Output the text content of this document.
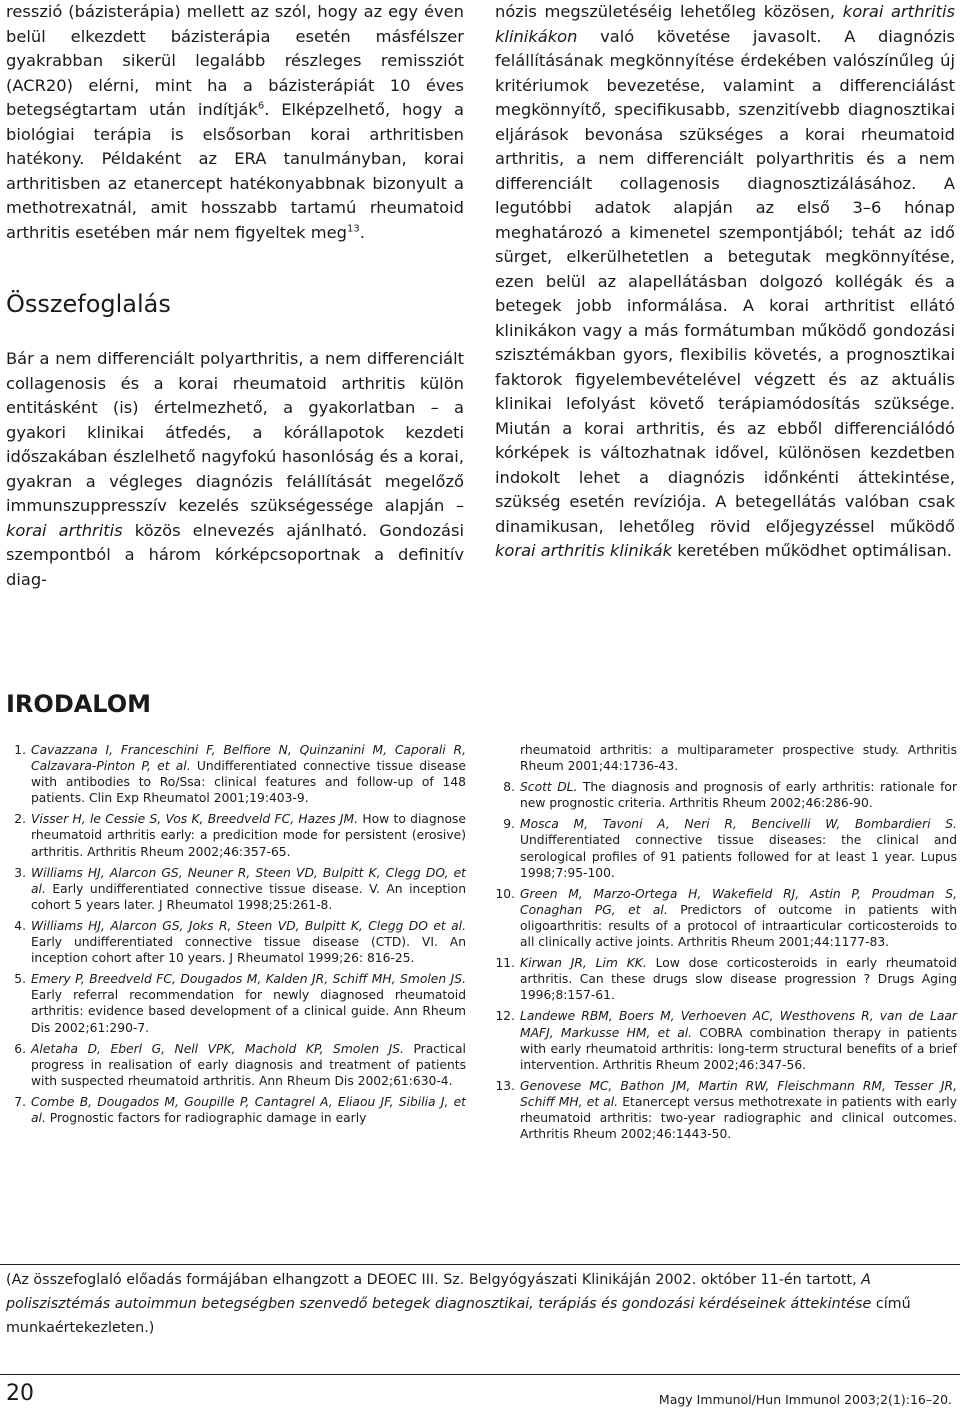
resszió (bázisterápia) mellett az szól, hogy az egy éven belül elkezdett bázisterápia esetén másfélszer gyakrabban sikerül legalább részleges remissziót (ACR20) elérni, mint ha a bázisterápiát 10 éves betegségtartam után indítják$^6$. Elképzelhető, hogy a biológiai terápia is elsősorban korai arthritisben hatékony. Példaként az ERA tanulmányban, korai arthritisben az etanercept hatékonyabbnak bizonyult a methotrexatnál, amit hosszabb tartamú rheumatoid arthritis esetében már nem figyeltek meg$^{13}$.

Összefoglalás

Bár a nem differenciált polyarthritis, a nem differenciált collagenosis és a korai rheumatoid arthritis külön entitásként (is) értelmezhető, a gyakorlatban – a gyakori klinikai átfedés, a kórállapotok kezdeti időszakában észlelhető nagyfokú hasonlóság és a korai, gyakran a végleges diagnózis felállítását megelőző immunszuppresszív kezelés szükségessége alapján – korai arthritis közös elnevezés ajánlható. Gondozási szempontból a három kórképcsoportnak a definitív diag-

nózis megszületéséig lehetőleg közösen, korai arthritis klinikákon való követése javasolt. A diagnózis felállításának megkönnyítése érdekében valószínűleg új kritériumok bevezetése, valamint a differenciálást megkönnyítő, specifikusabb, szenzitívebb diagnosztikai eljárások bevonása szükséges a korai rheumatoid arthritis, a nem differenciált polyarthritis és a nem differenciált collagenosis diagnosztizálásához. A legutóbbi adatok alapján az első 3–6 hónap meghatározó a kimenetel szempontjából; tehát az idő sürget, elkerülhetetlen a betegutak megkönnyítése, ezen belül az alapellátásban dolgozó kollégák és a betegek jobb informálása. A korai arthritist ellátó klinikákon vagy a más formátumban működő gondozási szisztémákban gyors, flexibilis követés, a prognosztikai faktorok figyelembevételével végzett és az aktuális klinikai lefolyást követő terápiamódosítás szüksége. Miután a korai arthritis, és az ebből differenciálódó kórképek is változhatnak idővel, különösen kezdetben indokolt lehet a diagnózis időnkénti áttekintése, szükség esetén revíziója. A betegellátás valóban csak dinamikusan, lehetőleg rövid előjegyzéssel működő korai arthritis klinikák keretében működhet optimálisan.

IRODALOM
1. Cavazzana I, Franceschini F, Belfiore N, Quinzanini M, Caporali R, Calzavara-Pinton P, et al. Undifferentiated connective tissue disease with antibodies to Ro/Ssa: clinical features and follow-up of 148 patients. Clin Exp Rheumatol 2001;19:403-9.
2. Visser H, le Cessie S, Vos K, Breedveld FC, Hazes JM. How to diagnose rheumatoid arthritis early: a predicition mode for persistent (erosive) arthritis. Arthritis Rheum 2002;46:357-65.
3. Williams HJ, Alarcon GS, Neuner R, Steen VD, Bulpitt K, Clegg DO, et al. Early undifferentiated connective tissue disease. V. An inception cohort 5 years later. J Rheumatol 1998;25:261-8.
4. Williams HJ, Alarcon GS, Joks R, Steen VD, Bulpitt K, Clegg DO et al. Early undifferentiated connective tissue disease (CTD). VI. An inception cohort after 10 years. J Rheumatol 1999;26: 816-25.
5. Emery P, Breedveld FC, Dougados M, Kalden JR, Schiff MH, Smolen JS. Early referral recommendation for newly diagnosed rheumatoid arthritis: evidence based development of a clinical guide. Ann Rheum Dis 2002;61:290-7.
6. Aletaha D, Eberl G, Nell VPK, Machold KP, Smolen JS. Practical progress in realisation of early diagnosis and treatment of patients with suspected rheumatoid arthritis. Ann Rheum Dis 2002;61:630-4.
7. Combe B, Dougados M, Goupille P, Cantagrel A, Eliaou JF, Sibilia J, et al. Prognostic factors for radiographic damage in early
rheumatoid arthritis: a multiparameter prospective study. Arthritis Rheum 2001;44:1736-43.
8. Scott DL. The diagnosis and prognosis of early arthritis: rationale for new prognostic criteria. Arthritis Rheum 2002;46:286-90.
9. Mosca M, Tavoni A, Neri R, Bencivelli W, Bombardieri S. Undifferentiated connective tissue diseases: the clinical and serological profiles of 91 patients followed for at least 1 year. Lupus 1998;7:95-100.
10. Green M, Marzo-Ortega H, Wakefield RJ, Astin P, Proudman S, Conaghan PG, et al. Predictors of outcome in patients with oligoarthritis: results of a protocol of intraarticular corticosteroids to all clinically active joints. Arthritis Rheum 2001;44:1177-83.
11. Kirwan JR, Lim KK. Low dose corticosteroids in early rheumatoid arthritis. Can these drugs slow disease progression ? Drugs Aging 1996;8:157-61.
12. Landewe RBM, Boers M, Verhoeven AC, Westhovens R, van de Laar MAFJ, Markusse HM, et al. COBRA combination therapy in patients with early rheumatoid arthritis: long-term structural benefits of a brief intervention. Arthritis Rheum 2002;46:347-56.
13. Genovese MC, Bathon JM, Martin RW, Fleischmann RM, Tesser JR, Schiff MH, et al. Etanercept versus methotrexate in patients with early rheumatoid arthritis: two-year radiographic and clinical outcomes. Arthritis Rheum 2002;46:1443-50.
(Az összefoglaló előadás formájában elhangzott a DEOEC III. Sz. Belgyógyászati Klinikáján 2002. október 11-én tartott, A poliszisztémás autoimmun betegségben szenvedő betegek diagnosztikai, terápiás és gondozási kérdéseinek áttekintése című munkaértekezleten.)
20	Magy Immunol/Hun Immunol 2003;2(1):16–20.
